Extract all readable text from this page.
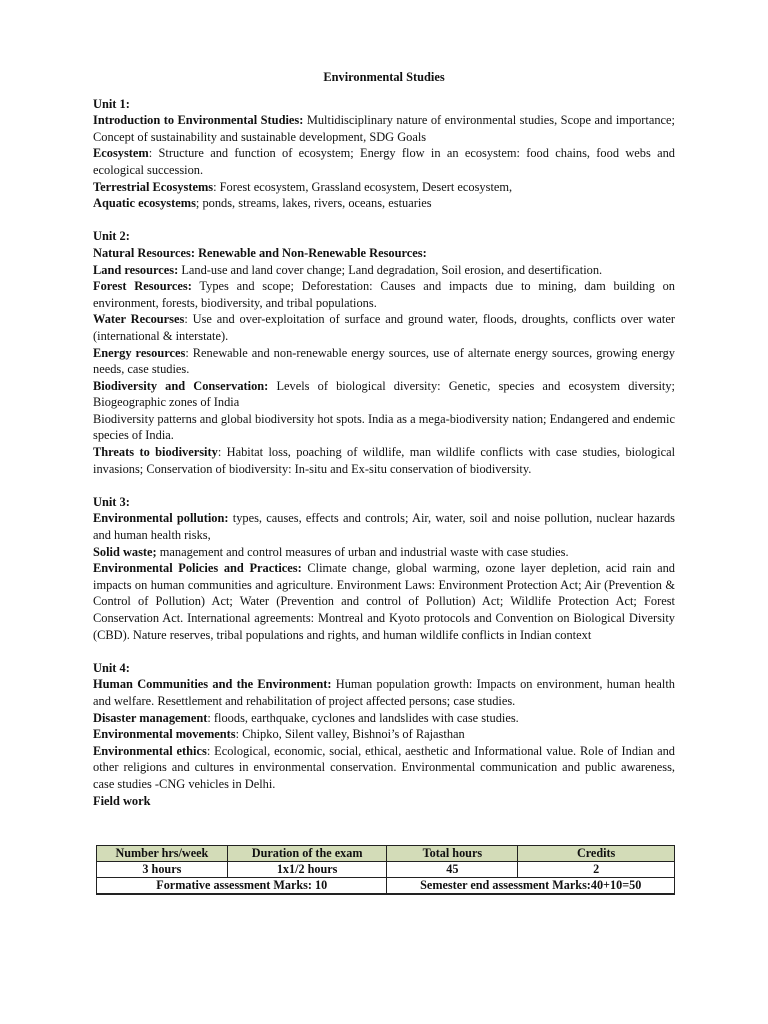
Environmental Studies
Unit 1:
Introduction to Environmental Studies: Multidisciplinary nature of environmental studies, Scope and importance; Concept of sustainability and sustainable development, SDG Goals
Ecosystem: Structure and function of ecosystem; Energy flow in an ecosystem: food chains, food webs and ecological succession.
Terrestrial Ecosystems: Forest ecosystem, Grassland ecosystem, Desert ecosystem,
Aquatic ecosystems; ponds, streams, lakes, rivers, oceans, estuaries
Unit 2:
Natural Resources: Renewable and Non-Renewable Resources:
Land resources: Land-use and land cover change; Land degradation, Soil erosion, and desertification.
Forest Resources: Types and scope; Deforestation: Causes and impacts due to mining, dam building on environment, forests, biodiversity, and tribal populations.
Water Recourses: Use and over-exploitation of surface and ground water, floods, droughts, conflicts over water (international & interstate).
Energy resources: Renewable and non-renewable energy sources, use of alternate energy sources, growing energy needs, case studies.
Biodiversity and Conservation: Levels of biological diversity: Genetic, species and ecosystem diversity; Biogeographic zones of India
Biodiversity patterns and global biodiversity hot spots. India as a mega-biodiversity nation; Endangered and endemic species of India.
Threats to biodiversity: Habitat loss, poaching of wildlife, man wildlife conflicts with case studies, biological invasions; Conservation of biodiversity: In-situ and Ex-situ conservation of biodiversity.
Unit 3:
Environmental pollution: types, causes, effects and controls; Air, water, soil and noise pollution, nuclear hazards and human health risks,
Solid waste; management and control measures of urban and industrial waste with case studies.
Environmental Policies and Practices: Climate change, global warming, ozone layer depletion, acid rain and impacts on human communities and agriculture. Environment Laws: Environment Protection Act; Air (Prevention & Control of Pollution) Act; Water (Prevention and control of Pollution) Act; Wildlife Protection Act; Forest Conservation Act. International agreements: Montreal and Kyoto protocols and Convention on Biological Diversity (CBD). Nature reserves, tribal populations and rights, and human wildlife conflicts in Indian context
Unit 4:
Human Communities and the Environment: Human population growth: Impacts on environment, human health and welfare. Resettlement and rehabilitation of project affected persons; case studies.
Disaster management: floods, earthquake, cyclones and landslides with case studies.
Environmental movements: Chipko, Silent valley, Bishnoi’s of Rajasthan
Environmental ethics: Ecological, economic, social, ethical, aesthetic and Informational value. Role of Indian and other religions and cultures in environmental conservation. Environmental communication and public awareness, case studies -CNG vehicles in Delhi.
Field work
Number hrs/week	Duration of the exam	Total hours	Credits
3 hours	1x1/2 hours	45	2
Formative assessment Marks: 10		Semester end assessment Marks:40+10=50	
